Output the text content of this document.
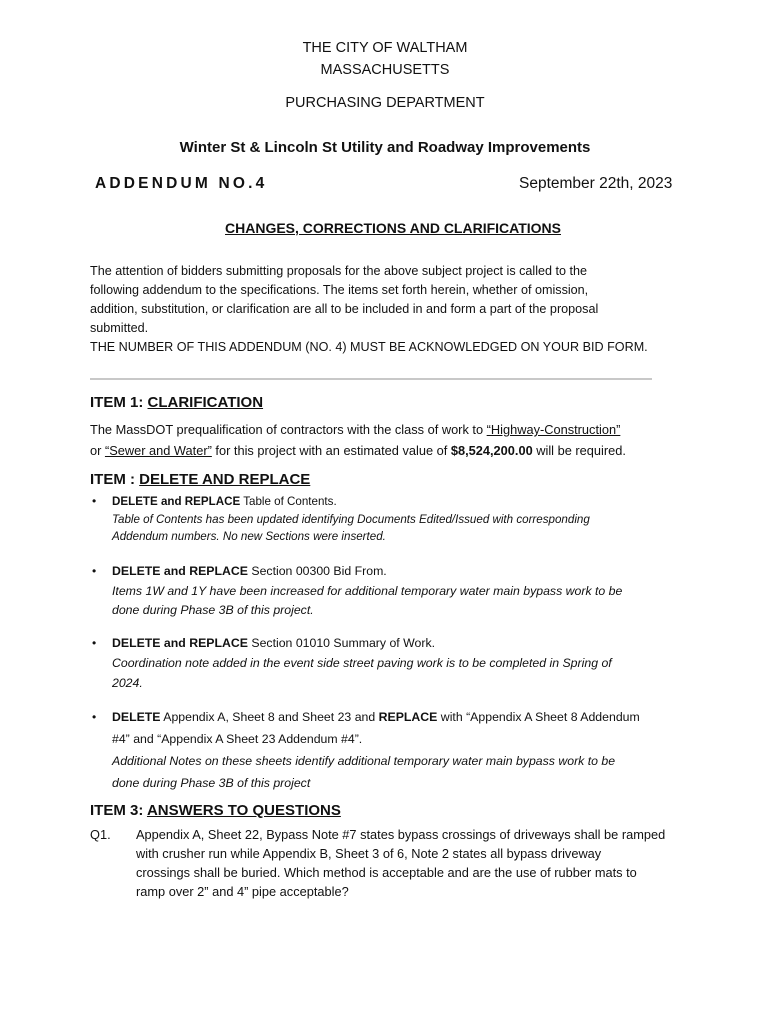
THE CITY OF WALTHAM
MASSACHUSETTS
PURCHASING DEPARTMENT
Winter St & Lincoln St Utility and Roadway Improvements
ADDENDUM NO.4	September 22th, 2023
CHANGES, CORRECTIONS AND CLARIFICATIONS
The attention of bidders submitting proposals for the above subject project is called to the
following addendum to the specifications. The items set forth herein, whether of omission,
addition, substitution, or clarification are all to be included in and form a part of the proposal
submitted.
THE NUMBER OF THIS ADDENDUM (NO. 4) MUST BE ACKNOWLEDGED ON YOUR BID FORM.
ITEM 1: CLARIFICATION
The MassDOT prequalification of contractors with the class of work to “Highway-Construction”
or “Sewer and Water” for this project with an estimated value of $8,524,200.00 will be required.
ITEM : DELETE AND REPLACE
• DELETE and REPLACE Table of Contents.
Table of Contents has been updated identifying Documents Edited/Issued with corresponding
Addendum numbers. No new Sections were inserted.
• DELETE and REPLACE Section 00300 Bid From.
Items 1W and 1Y have been increased for additional temporary water main bypass work to be
done during Phase 3B of this project.
• DELETE and REPLACE Section 01010 Summary of Work.
Coordination note added in the event side street paving work is to be completed in Spring of
2024.
• DELETE Appendix A, Sheet 8 and Sheet 23 and REPLACE with “Appendix A Sheet 8 Addendum
#4” and “Appendix A Sheet 23 Addendum #4”.
Additional Notes on these sheets identify additional temporary water main bypass work to be
done during Phase 3B of this project
ITEM 3: ANSWERS TO QUESTIONS
Q1. Appendix A, Sheet 22, Bypass Note #7 states bypass crossings of driveways shall be ramped
with crusher run while Appendix B, Sheet 3 of 6, Note 2 states all bypass driveway
crossings shall be buried. Which method is acceptable and are the use of rubber mats to
ramp over 2” and 4” pipe acceptable?
